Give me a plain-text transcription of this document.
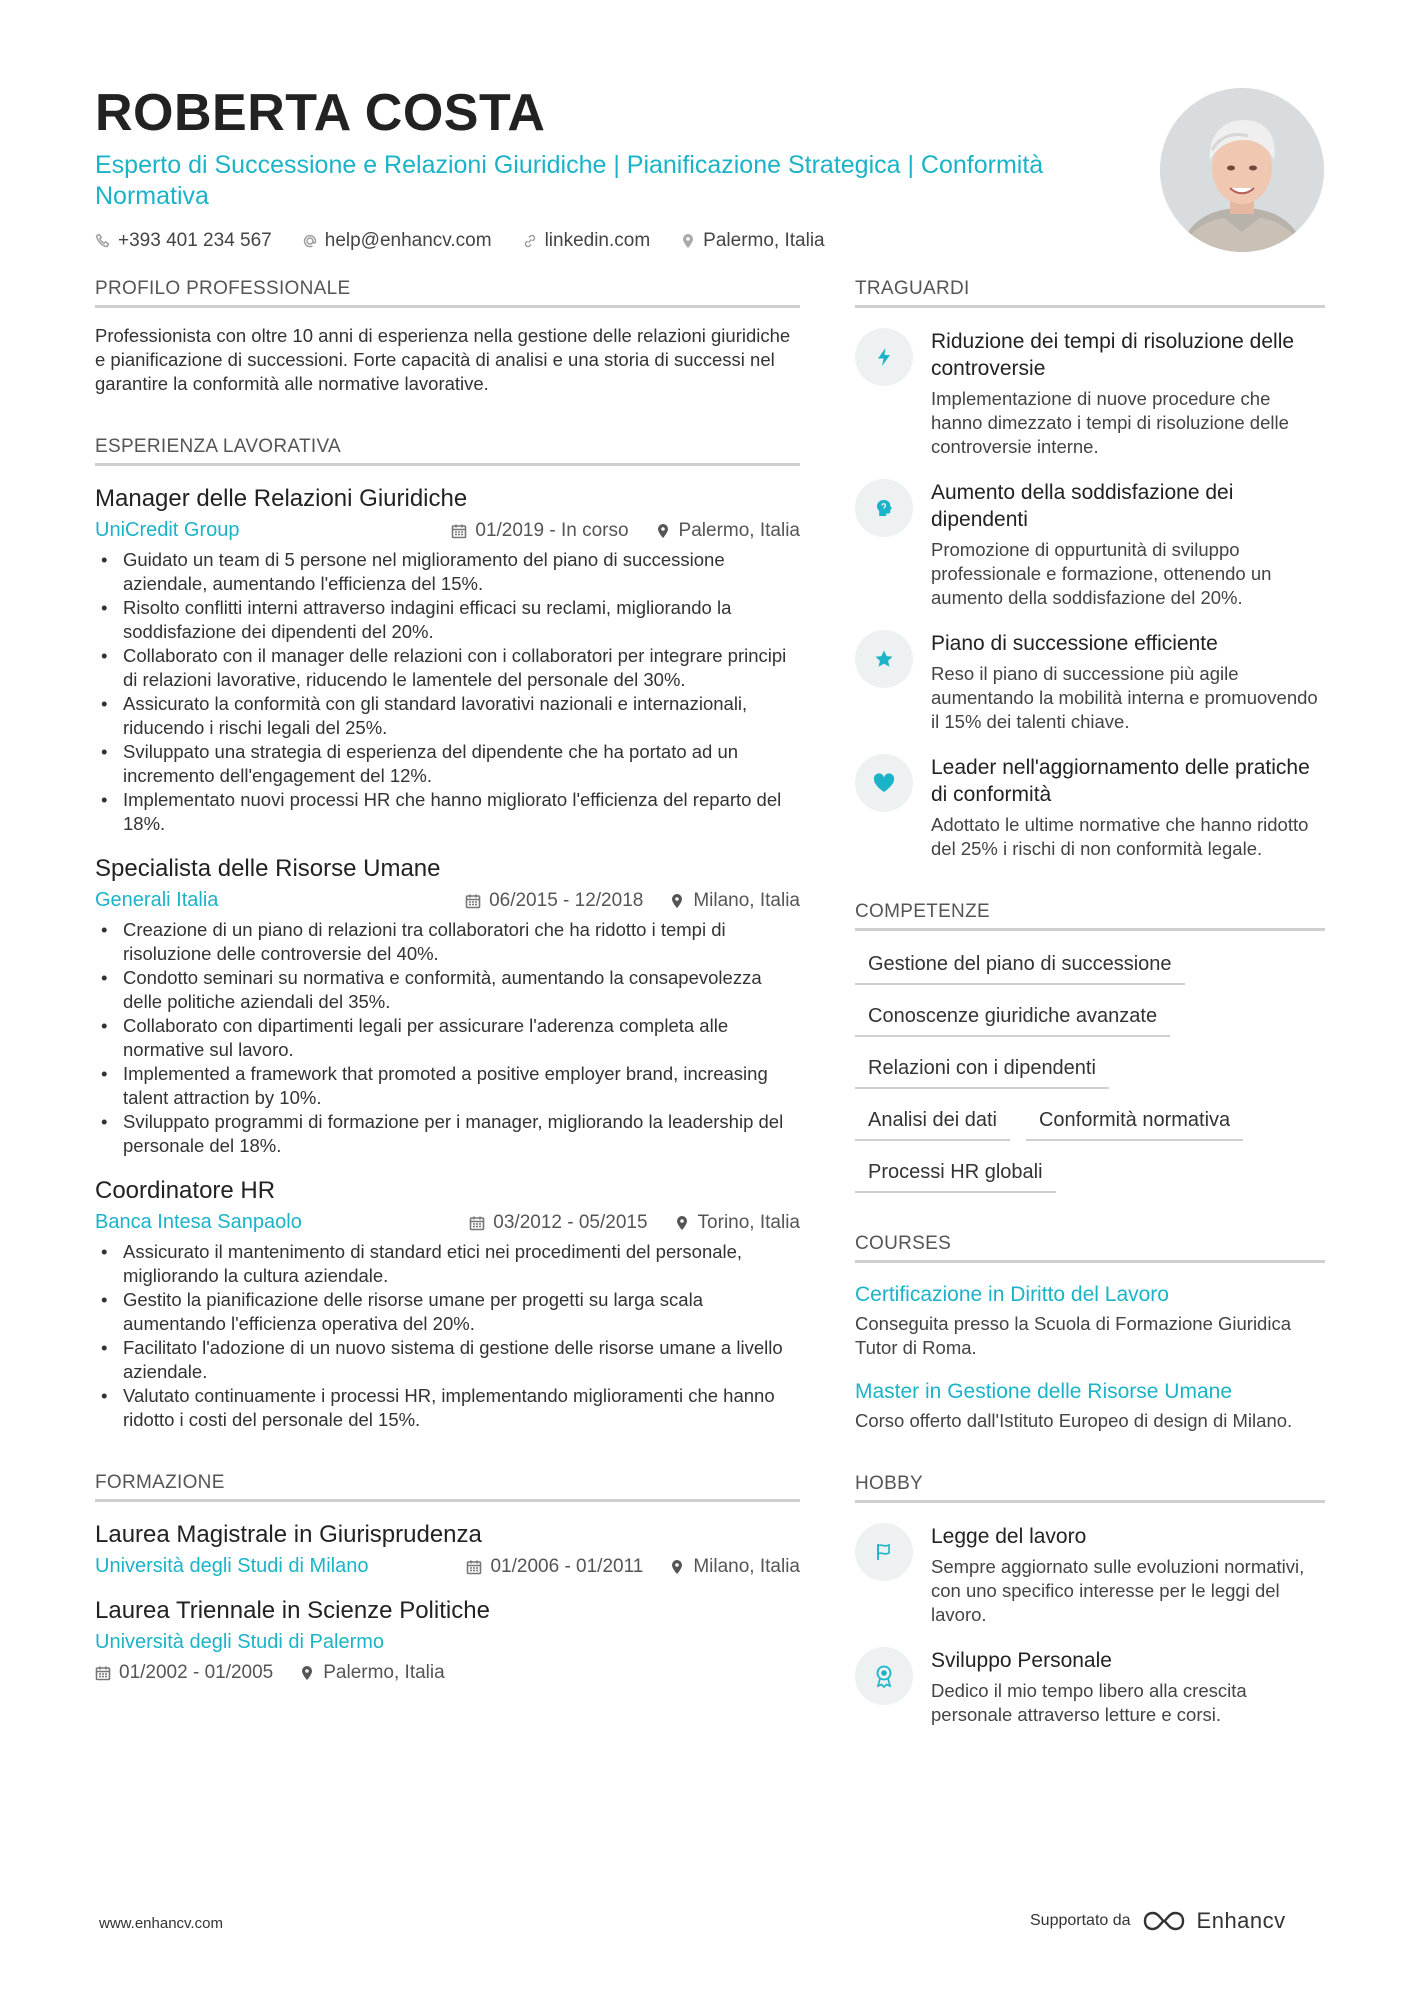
ROBERTA COSTA
Esperto di Successione e Relazioni Giuridiche | Pianificazione Strategica | Conformità Normativa
+393 401 234 567	help@enhancv.com	linkedin.com	Palermo, Italia
PROFILO PROFESSIONALE
Professionista con oltre 10 anni di esperienza nella gestione delle relazioni giuridiche e pianificazione di successioni. Forte capacità di analisi e una storia di successi nel garantire la conformità alle normative lavorative.
ESPERIENZA LAVORATIVA
Manager delle Relazioni Giuridiche
UniCredit Group	01/2019 - In corso	Palermo, Italia
• Guidato un team di 5 persone nel miglioramento del piano di successione aziendale, aumentando l'efficienza del 15%.
• Risolto conflitti interni attraverso indagini efficaci su reclami, migliorando la soddisfazione dei dipendenti del 20%.
• Collaborato con il manager delle relazioni con i collaboratori per integrare principi di relazioni lavorative, riducendo le lamentele del personale del 30%.
• Assicurato la conformità con gli standard lavorativi nazionali e internazionali, riducendo i rischi legali del 25%.
• Sviluppato una strategia di esperienza del dipendente che ha portato ad un incremento dell'engagement del 12%.
• Implementato nuovi processi HR che hanno migliorato l'efficienza del reparto del 18%.
Specialista delle Risorse Umane
Generali Italia	06/2015 - 12/2018	Milano, Italia
• Creazione di un piano di relazioni tra collaboratori che ha ridotto i tempi di risoluzione delle controversie del 40%.
• Condotto seminari su normativa e conformità, aumentando la consapevolezza delle politiche aziendali del 35%.
• Collaborato con dipartimenti legali per assicurare l'aderenza completa alle normative sul lavoro.
• Implemented a framework that promoted a positive employer brand, increasing talent attraction by 10%.
• Sviluppato programmi di formazione per i manager, migliorando la leadership del personale del 18%.
Coordinatore HR
Banca Intesa Sanpaolo	03/2012 - 05/2015	Torino, Italia
• Assicurato il mantenimento di standard etici nei procedimenti del personale, migliorando la cultura aziendale.
• Gestito la pianificazione delle risorse umane per progetti su larga scala aumentando l'efficienza operativa del 20%.
• Facilitato l'adozione di un nuovo sistema di gestione delle risorse umane a livello aziendale.
• Valutato continuamente i processi HR, implementando miglioramenti che hanno ridotto i costi del personale del 15%.
FORMAZIONE
Laurea Magistrale in Giurisprudenza
Università degli Studi di Milano	01/2006 - 01/2011	Milano, Italia
Laurea Triennale in Scienze Politiche
Università degli Studi di Palermo
01/2002 - 01/2005	Palermo, Italia
TRAGUARDI
Riduzione dei tempi di risoluzione delle controversie
Implementazione di nuove procedure che hanno dimezzato i tempi di risoluzione delle controversie interne.
Aumento della soddisfazione dei dipendenti
Promozione di oppurtunità di sviluppo professionale e formazione, ottenendo un aumento della soddisfazione del 20%.
Piano di successione efficiente
Reso il piano di successione più agile aumentando la mobilità interna e promuovendo il 15% dei talenti chiave.
Leader nell'aggiornamento delle pratiche di conformità
Adottato le ultime normative che hanno ridotto del 25% i rischi di non conformità legale.
COMPETENZE
Gestione del piano di successione
Conoscenze giuridiche avanzate
Relazioni con i dipendenti
Analisi dei dati	Conformità normativa
Processi HR globali
COURSES
Certificazione in Diritto del Lavoro
Conseguita presso la Scuola di Formazione Giuridica Tutor di Roma.
Master in Gestione delle Risorse Umane
Corso offerto dall'Istituto Europeo di design di Milano.
HOBBY
Legge del lavoro
Sempre aggiornato sulle evoluzioni normativi, con uno specifico interesse per le leggi del lavoro.
Sviluppo Personale
Dedico il mio tempo libero alla crescita personale attraverso letture e corsi.
www.enhancv.com	Supportato da	Enhancv
